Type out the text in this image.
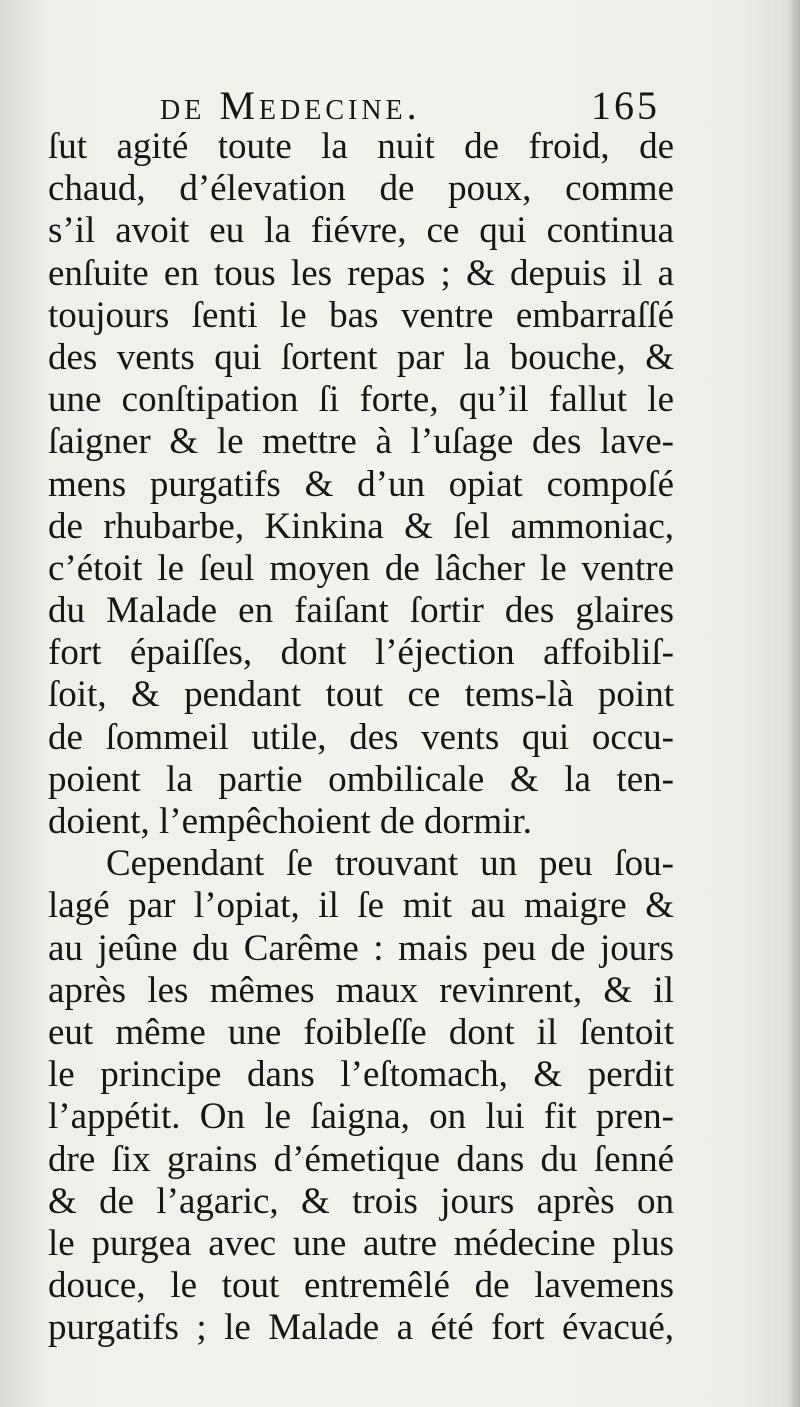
de Medecine.	165
ſut agité toute la nuit de froid, de
chaud, d’élevation de poux, comme
s’il avoit eu la fiévre, ce qui continua
enſuite en tous les repas ; & depuis il a
toujours ſenti le bas ventre embarraſſé
des vents qui ſortent par la bouche, &
une conſtipation ſi forte, qu’il fallut le
ſaigner & le mettre à l’uſage des lave-
mens purgatifs & d’un opiat compoſé
de rhubarbe, Kinkina & ſel ammoniac,
c’étoit le ſeul moyen de lâcher le ventre
du Malade en faiſant ſortir des glaires
fort épaiſſes, dont l’éjection affoibliſ-
ſoit, & pendant tout ce tems-là point
de ſommeil utile, des vents qui occu-
poient la partie ombilicale & la ten-
doient, l’empêchoient de dormir.
Cependant ſe trouvant un peu ſou-
lagé par l’opiat, il ſe mit au maigre &
au jeûne du Carême : mais peu de jours
après les mêmes maux revinrent, & il
eut même une foibleſſe dont il ſentoit
le principe dans l’eſtomach, & perdit
l’appétit. On le ſaigna, on lui fit pren-
dre ſix grains d’émetique dans du ſenné
& de l’agaric, & trois jours après on
le purgea avec une autre médecine plus
douce, le tout entremêlé de lavemens
purgatifs ; le Malade a été fort évacué,
